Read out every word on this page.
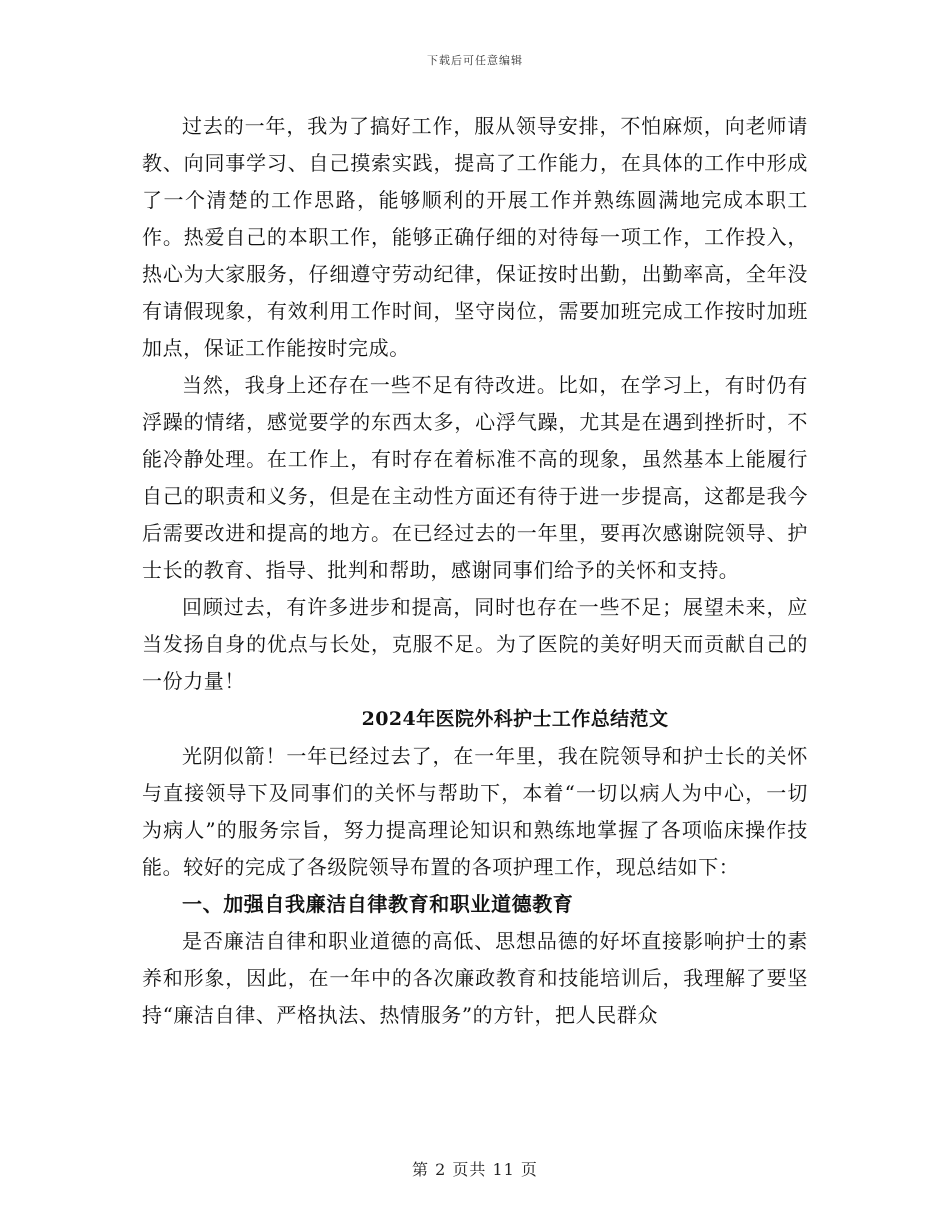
下载后可任意编辑

过去的一年，我为了搞好工作，服从领导安排，不怕麻烦，向老师请教、向同事学习、自己摸索实践，提高了工作能力，在具体的工作中形成了一个清楚的工作思路，能够顺利的开展工作并熟练圆满地完成本职工作。热爱自己的本职工作，能够正确仔细的对待每一项工作，工作投入，热心为大家服务，仔细遵守劳动纪律，保证按时出勤，出勤率高，全年没有请假现象，有效利用工作时间，坚守岗位，需要加班完成工作按时加班加点，保证工作能按时完成。

当然，我身上还存在一些不足有待改进。比如，在学习上，有时仍有浮躁的情绪，感觉要学的东西太多，心浮气躁，尤其是在遇到挫折时，不能冷静处理。在工作上，有时存在着标准不高的现象，虽然基本上能履行自己的职责和义务，但是在主动性方面还有待于进一步提高，这都是我今后需要改进和提高的地方。在已经过去的一年里，要再次感谢院领导、护士长的教育、指导、批判和帮助，感谢同事们给予的关怀和支持。

回顾过去，有许多进步和提高，同时也存在一些不足；展望未来，应当发扬自身的优点与长处，克服不足。为了医院的美好明天而贡献自己的一份力量！

2024年医院外科护士工作总结范文

光阴似箭！一年已经过去了，在一年里，我在院领导和护士长的关怀与直接领导下及同事们的关怀与帮助下，本着“一切以病人为中心，一切为病人”的服务宗旨，努力提高理论知识和熟练地掌握了各项临床操作技能。较好的完成了各级院领导布置的各项护理工作，现总结如下：

一、加强自我廉洁自律教育和职业道德教育

是否廉洁自律和职业道德的高低、思想品德的好坏直接影响护士的素养和形象，因此，在一年中的各次廉政教育和技能培训后，我理解了要坚持“廉洁自律、严格执法、热情服务”的方针，把人民群众

第 2 页共 11 页
